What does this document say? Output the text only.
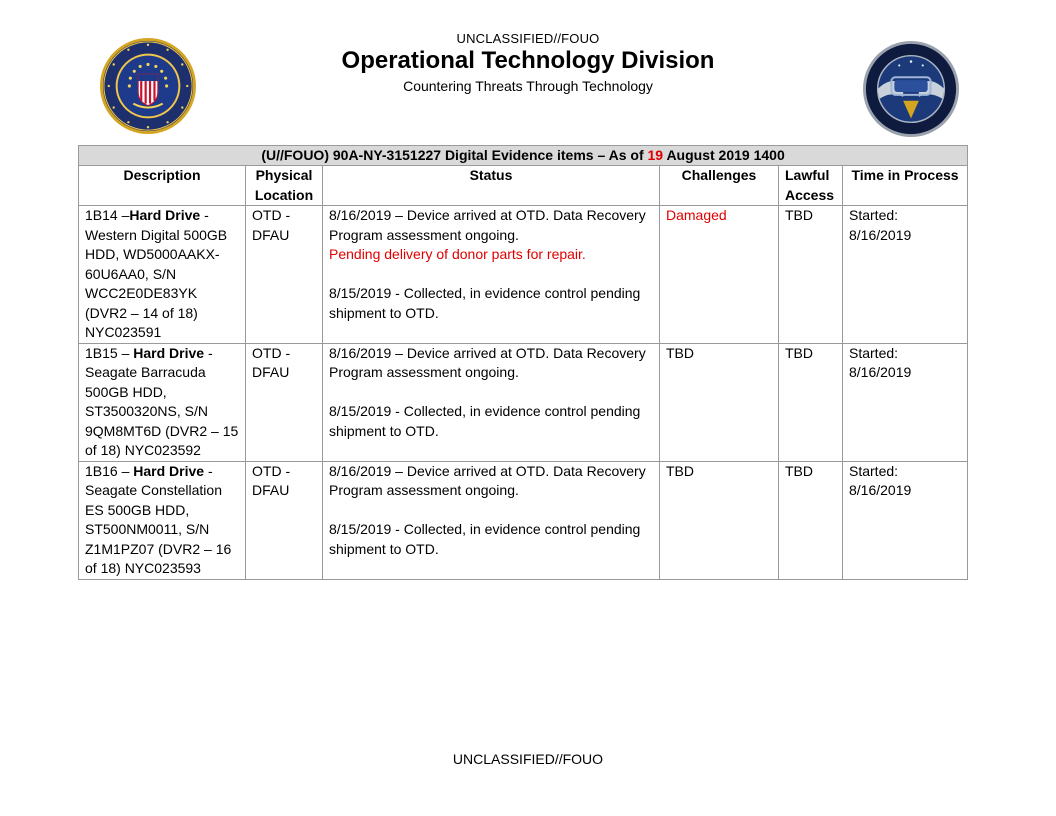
UNCLASSIFIED//FOUO
Operational Technology Division
Countering Threats Through Technology
(U//FOUO) 90A-NY-3151227 Digital Evidence items – As of 19 August 2019 1400					
Description	Physical Location	Status	Challenges	Lawful Access	Time in Process
1B14 –Hard Drive - Western Digital 500GB HDD, WD5000AAKX-60U6AA0, S/N WCC2E0DE83YK (DVR2 – 14 of 18) NYC023591	OTD - DFAU	8/16/2019 – Device arrived at OTD. Data Recovery Program assessment ongoing.
Pending delivery of donor parts for repair.
8/15/2019 - Collected, in evidence control pending shipment to OTD.	Damaged	TBD	Started: 8/16/2019
1B15 – Hard Drive - Seagate Barracuda 500GB HDD, ST3500320NS, S/N 9QM8MT6D (DVR2 – 15 of 18) NYC023592	OTD - DFAU	8/16/2019 – Device arrived at OTD. Data Recovery Program assessment ongoing.
8/15/2019 - Collected, in evidence control pending shipment to OTD.	TBD	TBD	Started: 8/16/2019
1B16 – Hard Drive - Seagate Constellation ES 500GB HDD, ST500NM0011, S/N Z1M1PZ07 (DVR2 – 16 of 18) NYC023593	OTD - DFAU	8/16/2019 – Device arrived at OTD. Data Recovery Program assessment ongoing.
8/15/2019 - Collected, in evidence control pending shipment to OTD.	TBD	TBD	Started: 8/16/2019
UNCLASSIFIED//FOUO
